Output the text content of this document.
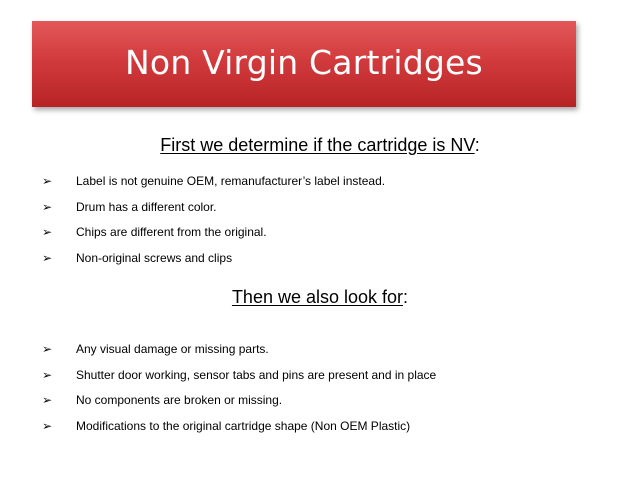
Non Virgin Cartridges
First we determine if the cartridge is NV:
➢ Label is not genuine OEM, remanufacturer’s label instead.
➢ Drum has a different color.
➢ Chips are different from the original.
➢ Non-original screws and clips
Then we also look for:
➢ Any visual damage or missing parts.
➢ Shutter door working, sensor tabs and pins are present and in place
➢ No components are broken or missing.
➢ Modifications to the original cartridge shape (Non OEM Plastic)
